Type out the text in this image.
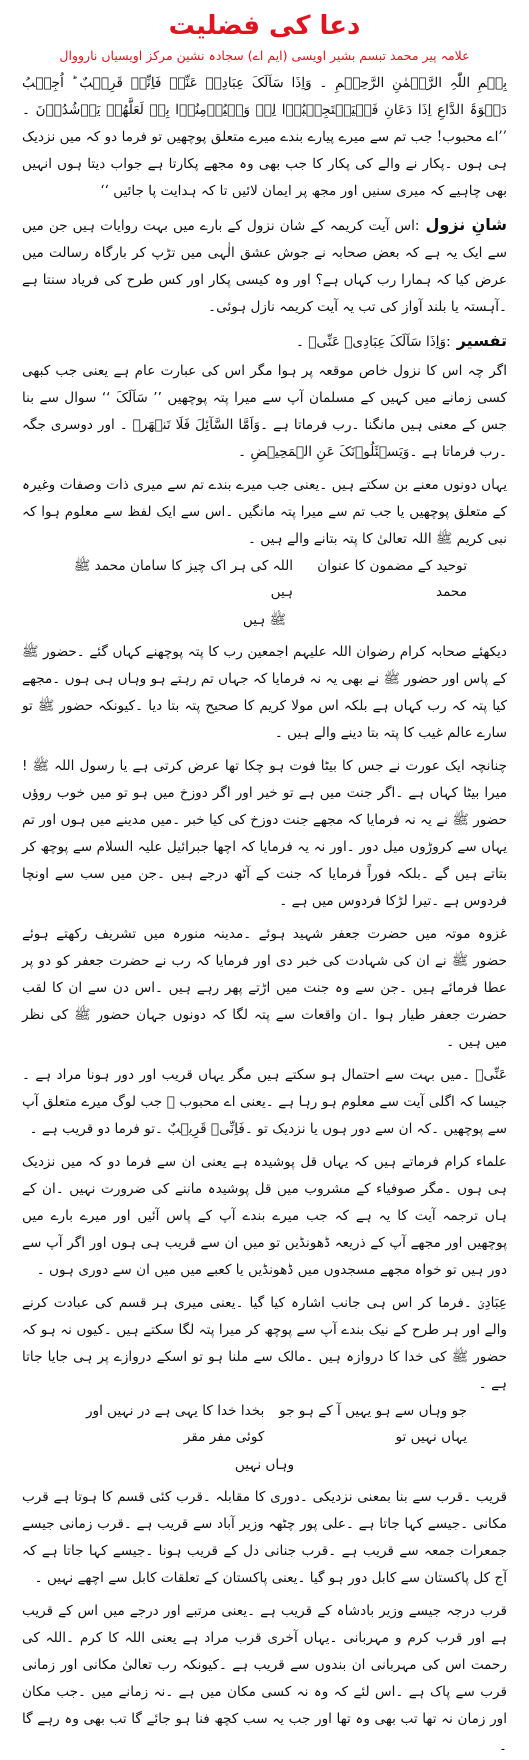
دعا کی فضلیت
علامہ پیر محمد تبسم بشیر اویسی (ایم اے) سجادہ نشین مرکز اویسیاں نارووال

بِسۡمِ اللّٰہِ الرَّحۡمٰنِ الرَّحِیۡمِ ۔ وَاِذَا سَاَلَکَ عِبَادِیۡ عَنِّیۡ فَاِنِّیۡ قَرِیۡبٌ ؕ اُجِیۡبُ دَعۡوَۃَ الدَّاعِ اِذَا دَعَانِ فَلۡیَسۡتَجِیۡبُوۡا لِیۡ وَلۡیُؤۡمِنُوۡا بِیۡ لَعَلَّهُمۡ یَرۡشُدُوۡنَ ۔ ’’اے محبوب! جب تم سے میرے پیارے بندے میرے متعلق پوچھیں تو فرما دو کہ میں نزدیک ہی ہوں ۔پکار نے والے کی پکار کا جب بھی وہ مجھے پکارتا ہے جواب دیتا ہوں انہیں بھی چاہیے کہ میری سنیں اور مجھ پر ایمان لائیں تا کہ ہدایت پا جائیں ‘‘

شانِ نزول:اس آیت کریمہ کے شان نزول کے بارے میں بہت روایات ہیں جن میں سے ایک یہ ہے کہ بعض صحابہ نے جوش عشق الٰہی میں تڑپ کر بارگاہ رسالت میں عرض کیا کہ ہمارا رب کہاں ہے؟ اور وہ کیسی پکار اور کس طرح کی فریاد سنتا ہے ۔آہستہ یا بلند آواز کی تب یہ آیت کریمہ نازل ہوئی۔

تفسیر:وَاِذَا سَاَلَکَ عِبَادِیۡ عَنِّیۡ ۔

اگر چہ اس کا نزول خاص موقعہ پر ہوا مگر اس کی عبارت عام ہے یعنی جب کبھی کسی زمانے میں کہیں کے مسلمان آپ سے میرا پتہ پوچھیں ’’ سَاَلَکَ ‘‘ سوال سے بنا جس کے معنی ہیں مانگنا ۔رب فرماتا ہے ۔وَاَمَّا السَّآئِلَ فَلَا تَنۡهَرۡ ۔ اور دوسری جگہ ۔رب فرماتا ہے ۔وَیَسۡئَلُوۡنَکَ عَنِ الۡمَحِیۡضِ ۔

یہاں دونوں معنے بن سکتے ہیں ۔یعنی جب میرے بندے تم سے میری ذات وصفات وغیرہ کے متعلق پوچھیں یا جب تم سے میرا پتہ مانگیں ۔اس سے ایک لفظ سے معلوم ہوا کہ نبی کریم ﷺ اللہ تعالیٰ کا پتہ بتانے والے ہیں ۔

توحید کے مضمون کا عنوان محمد
اللہ کی ہر اک چیز کا سامان محمد ﷺ ہیں
ﷺ ہیں

دیکھئے صحابہ کرام رضوان اللہ علیہم اجمعین رب کا پتہ پوچھنے کہاں گئے ۔حضور ﷺ کے پاس اور حضور ﷺ نے بھی یہ نہ فرمایا کہ جہاں تم رہتے ہو وہاں ہی ہوں ۔مجھے کیا پتہ کہ رب کہاں ہے بلکہ اس مولا کریم کا صحیح پتہ بتا دیا ۔کیونکہ حضور ﷺ تو سارے عالم غیب کا پتہ بتا دینے والے ہیں ۔

چنانچہ ایک عورت نے جس کا بیٹا فوت ہو چکا تھا عرض کرتی ہے یا رسول اللہ ﷺ ! میرا بیٹا کہاں ہے ۔اگر جنت میں ہے تو خیر اور اگر دوزخ میں ہو تو میں خوب روؤں حضور ﷺ نے یہ نہ فرمایا کہ مجھے جنت دوزخ کی کیا خبر ۔میں مدینے میں ہوں اور تم یہاں سے کروڑوں میل دور ۔اور نہ یہ فرمایا کہ اچھا جبرائیل علیہ السلام سے پوچھ کر بتاتے ہیں گے ۔بلکہ فوراً فرمایا کہ جنت کے آٹھ درجے ہیں ۔جن میں سب سے اونچا فردوس ہے ۔تیرا لڑکا فردوس میں ہے ۔

غزوہ موتہ میں حضرت جعفر شہید ہوئے ۔مدینہ منورہ میں تشریف رکھتے ہوئے حضور ﷺ نے ان کی شہادت کی خبر دی اور فرمایا کہ رب نے حضرت جعفر کو دو پر عطا فرمائے ہیں ۔جن سے وہ جنت میں اڑتے پھر رہے ہیں ۔اس دن سے ان کا لقب حضرت جعفر طیار ہوا ۔ان واقعات سے پتہ لگا کہ دونوں جہان حضور ﷺ کی نظر میں ہیں ۔

عَنِّیۡ ۔میں بہت سے احتمال ہو سکتے ہیں مگر یہاں قریب اور دور ہونا مراد ہے ۔جیسا کہ اگلی آیت سے معلوم ہو رہا ہے ۔یعنی اے محبوب ﷺ جب لوگ میرے متعلق آپ سے پوچھیں ۔کہ ان سے دور ہوں یا نزدیک تو ۔فَاِنِّیۡ قَرِیۡبٌ ۔تو فرما دو قریب ہے ۔

علماء کرام فرماتے ہیں کہ یہاں قل پوشیدہ ہے یعنی ان سے فرما دو کہ میں نزدیک ہی ہوں ۔مگر صوفیاء کے مشروب میں قل پوشیدہ ماننے کی ضرورت نہیں ۔ان کے ہاں ترجمہ آیت کا یہ ہے کہ جب میرے بندے آپ کے پاس آئیں اور میرے بارے میں پوچھیں اور مجھے آپ کے ذریعہ ڈھونڈیں تو میں ان سے قریب ہی ہوں اور اگر آپ سے دور ہیں تو خواہ مجھے مسجدوں میں ڈھونڈیں یا کعبے میں میں ان سے دوری ہوں ۔

عِبَادِیۡ ۔فرما کر اس ہی جانب اشارہ کیا گیا ۔یعنی میری ہر قسم کی عبادت کرنے والے اور ہر طرح کے نیک بندے آپ سے پوچھ کر میرا پتہ لگا سکتے ہیں ۔کیوں نہ ہو کہ حضور ﷺ کی خدا کا دروازہ ہیں ۔مالک سے ملنا ہو تو اسکے دروازے پر ہی جایا جاتا ہے ۔

جو وہاں سے ہو یہیں آ کے ہو جو یہاں نہیں تو
بخدا خدا کا یہی ہے در نہیں اور کوئی مفر مقر
وہاں نہیں

قریب ۔قرب سے بنا بمعنی نزدیکی ۔دوری کا مقابلہ ۔قرب کئی قسم کا ہوتا ہے قرب مکانی ۔جیسے کہا جاتا ہے ۔علی پور چٹھہ وزیر آباد سے قریب ہے ۔قرب زمانی جیسے جمعرات جمعہ سے قریب ہے ۔قرب جنانی دل کے قریب ہونا ۔جیسے کہا جاتا ہے کہ آج کل پاکستان سے کابل دور ہو گیا ۔یعنی پاکستان کے تعلقات کابل سے اچھے نہیں ۔

قرب درجہ جیسے وزیر بادشاہ کے قریب ہے ۔یعنی مرتبے اور درجے میں اس کے قریب ہے اور قرب کرم و مہربانی ۔یہاں آخری قرب مراد ہے یعنی اللہ کا کرم ۔اللہ کی رحمت اس کی مہربانی ان بندوں سے قریب ہے ۔کیونکہ رب تعالیٰ مکانی اور زمانی قرب سے پاک ہے ۔اس لئے کہ وہ نہ کسی مکان میں ہے ۔نہ زمانے میں ۔جب مکان اور زمان نہ تھا تب بھی وہ تھا اور جب یہ سب کچھ فنا ہو جائے گا تب بھی وہ رہے گا ۔
